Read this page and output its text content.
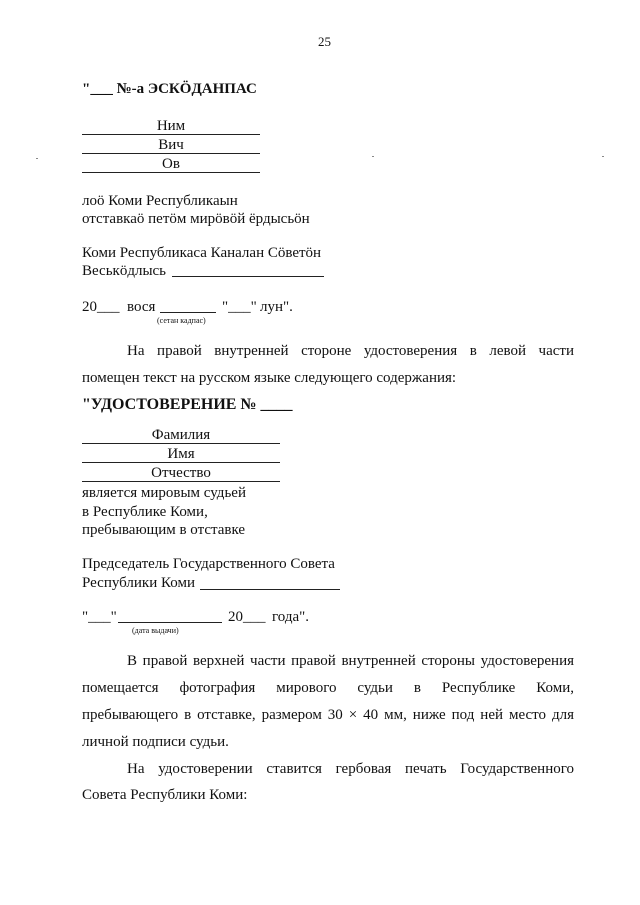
25
"___ №-а ЭСКӦДАНПАС
Ним
Вич
Ов
лоӧ Коми Республикаын
отставкаӧ петӧм мирӧвӧй ёрдысьӧн
Коми Республикаса Каналан Сӧветӧн
Веськӧдлысь
20___ вося	"___" лун".
(сетан кадпас)
На правой внутренней стороне удостоверения в левой части
помещен текст на русском языке следующего содержания:
"УДОСТОВЕРЕНИЕ № ____
Фамилия
Имя
Отчество
является мировым судьей
в Республике Коми,
пребывающим в отставке
Председатель Государственного Совета
Республики Коми
"___"	20___ года".
(дата выдачи)
В правой верхней части правой внутренней стороны удостоверения
помещается фотография мирового судьи в Республике Коми,
пребывающего в отставке, размером 30 × 40 мм, ниже под ней место для
личной подписи судьи.
На удостоверении ставится гербовая печать Государственного
Совета Республики Коми:
